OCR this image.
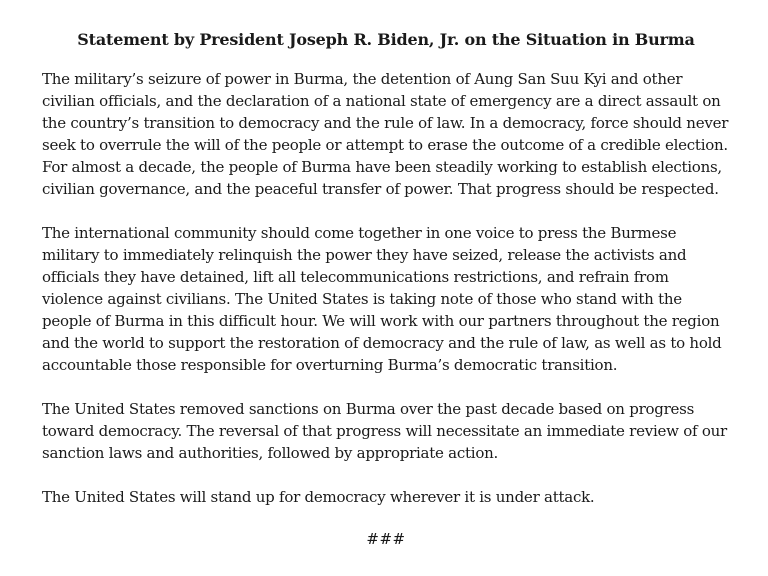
Statement by President Joseph R. Biden, Jr. on the Situation in Burma

The military’s seizure of power in Burma, the detention of Aung San Suu Kyi and other civilian officials, and the declaration of a national state of emergency are a direct assault on the country’s transition to democracy and the rule of law. In a democracy, force should never seek to overrule the will of the people or attempt to erase the outcome of a credible election. For almost a decade, the people of Burma have been steadily working to establish elections, civilian governance, and the peaceful transfer of power. That progress should be respected.

The international community should come together in one voice to press the Burmese military to immediately relinquish the power they have seized, release the activists and officials they have detained, lift all telecommunications restrictions, and refrain from violence against civilians. The United States is taking note of those who stand with the people of Burma in this difficult hour. We will work with our partners throughout the region and the world to support the restoration of democracy and the rule of law, as well as to hold accountable those responsible for overturning Burma’s democratic transition.

The United States removed sanctions on Burma over the past decade based on progress toward democracy. The reversal of that progress will necessitate an immediate review of our sanction laws and authorities, followed by appropriate action.

The United States will stand up for democracy wherever it is under attack.

###
